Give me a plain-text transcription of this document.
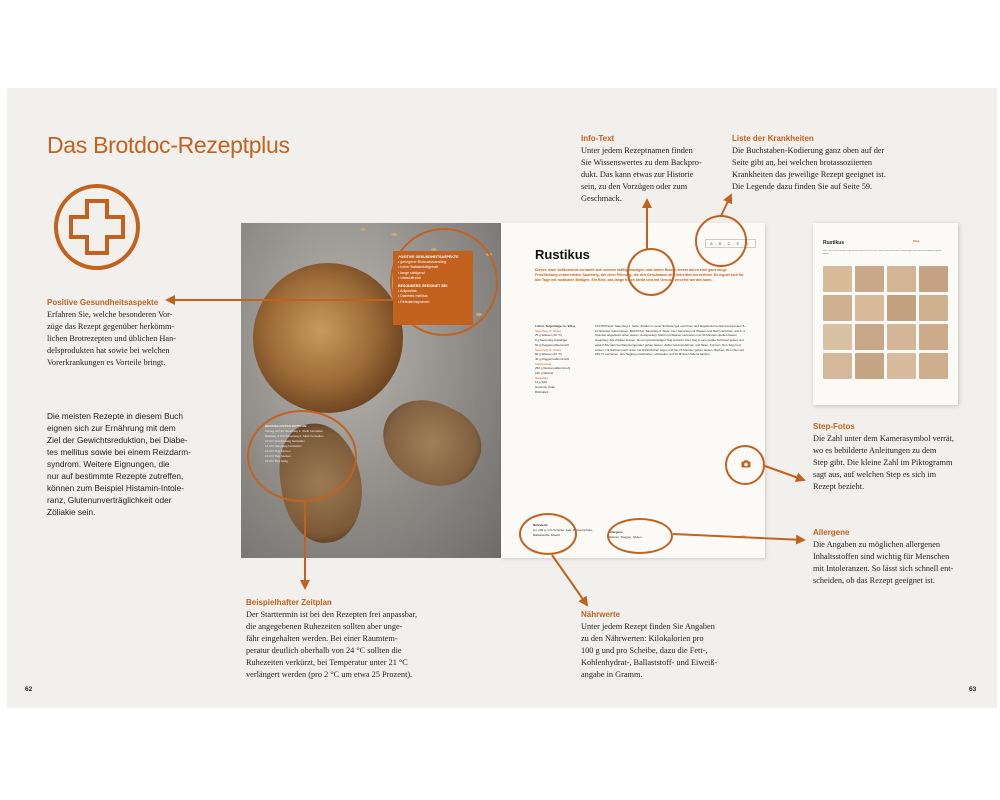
Das Brotdoc-Rezeptplus
Positive Gesundheitsaspekte
Erfahren Sie, welche besonderen Vor-
züge das Rezept gegenüber herkömm-
lichen Brotrezepten und üblichen Han-
delsprodukten hat sowie bei welchen
Vorerkrankungen es Vorteile bringt.
Die meisten Rezepte in diesem Buch
eignen sich zur Ernährung mit dem
Ziel der Gewichtsreduktion, bei Diabe-
tes mellitus sowie bei einem Reizdarm-
syndrom. Weitere Eignungen, die
nur auf bestimmte Rezepte zutreffen,
können zum Beispiel Histamin-Intole-
ranz, Glutenunverträglichkeit oder
Zöliakie sein.
Info-Text
Unter jedem Rezeptnamen finden
Sie Wissenswertes zu dem Backpro-
dukt. Das kann etwas zur Historie
sein, zu den Vorzügen oder zum
Geschmack.
Liste der Krankheiten
Die Buchstaben-Kodierung ganz oben auf der
Seite gibt an, bei welchen brotassoziierten
Krankheiten das jeweilige Rezept geeignet ist.
Die Legende dazu finden Sie auf Seite 59.
Step-Fotos
Die Zahl unter dem Kamerasymbol verrät,
wo es bebilderte Anleitungen zu dem
Step gibt. Die kleine Zahl im Piktogramm
sagt aus, auf welchen Step es sich im
Rezept bezieht.
Allergene
Die Angaben zu möglichen allergenen
Inhaltsstoffen sind wichtig für Menschen
mit Intoleranzen. So lässt sich schnell ent-
scheiden, ob das Rezept geeignet ist.
Beispielhafter Zeitplan
Der Starttermin ist bei den Rezepten frei anpassbar,
die angegebenen Ruhezeiten sollten aber unge-
fähr eingehalten werden. Bei einer Raumtem-
peratur deutlich oberhalb von 24 °C sollten die
Ruhezeiten verkürzt, bei Temperatur unter 21 °C
verlängert werden (pro 2 °C um etwa 25 Prozent).
Nährwerte
Unter jedem Rezept finden Sie Angaben
zu den Nährwerten: Kilokalorien pro
100 g und pro Scheibe, dazu die Fett-,
Kohlenhydrat-, Ballaststoff- und Eiweiß-
angabe in Gramm.
62	63
POSITIVE GESUNDHEITSASPEKTE
• geringerer Blutzuckeranstieg
• hoher Ballaststoffgehalt
• lange sättigend
• vitalstoffreich
BESONDERS GEEIGNET BEI
• Adipositas
• Diabetes mellitus
• Reizdarmsyndrom
BEISPIELHAFTER ZEITPLAN
Vortag, 20 Uhr Sauerteig 1. Stufe herstellen
Backtag, 8 Uhr Sauerteig 2. Stufe herstellen
10 Uhr Autolyseteig herstellen
11 Uhr Hauptteig herstellen
13 Uhr Teig formen
14 Uhr Teig backen
15 Uhr Brot fertig
A,B,C,E,G
Rustikus
Dieses reine Vollkornbrot verdankt sich seinem kräftig-würzigen und zarten Bissen einem durch eine ganz lange Frischteilung vorbereiteten Sauerteig, der einer Führung, die den Geschmack des Getreides hervorhebt. Es eignet sich für alle Tage mit rustikalen Belägen. Ein Brot, das lange frisch bleibt und mit Genuss verzehrt werden kann.
1 Brot, Teigeinlage ca. 930 g
Sauerteig (1. Stufe)
25 g Wasser (40 °C)
5 g Sauerteig-Anstellgut
50 g Roggenvollkornmehl
Sauerteig (2. Stufe)
80 g Wasser (40 °C)
40 g Roggenvollkornmehl
Autolyseteig
250 g Weizenvollkornmehl
190 g Wasser
Hauptteig
11 g Salz
Gesamte Stufe
Brühstück
KONTROLLE: Sauerteig 1. Stufe: Zutaten in einer Schüssel gut verrühren und abgedeckt bei Raumtemperatur 8–10 Stunden reifen lassen. BACKTAG: Sauerteig 2. Stufe: Den Sauerteig mit Wasser und Mehl verrühren und 3–4 Stunden abgedeckt reifen lassen. Autolyseteig: Mehl und Wasser verkneten und 30 Minuten quellen lassen. Hauptteig: Alle Zutaten kneten, bis ein geschmeidiger Teig entsteht. Den Teig in eine geölte Schüssel geben und etwa 2 Stunden bei Raumtemperatur gehen lassen, dabei zweimal dehnen und falten. Formen: Den Teig rund wirken, mit Schluss nach unten ins Gärkörbchen legen und 60–75 Minuten gehen lassen. Backen: Den Ofen auf 250 °C vorheizen, den Teigling einschießen, schwaden und 50 Minuten fallend backen.
Nährwerte
pro 100 g / pro Scheibe, Fett, Kohlenhydrate, Ballaststoffe, Eiweiß
Allergene
Weizen, Roggen, Gluten	63
Rustikus	Step
Den Teig zu einer straffen Kugel formen und mit Schluss nach unten in den bemehlten Gärkorb legen. Anschließend abgedeckt gehen lassen.
